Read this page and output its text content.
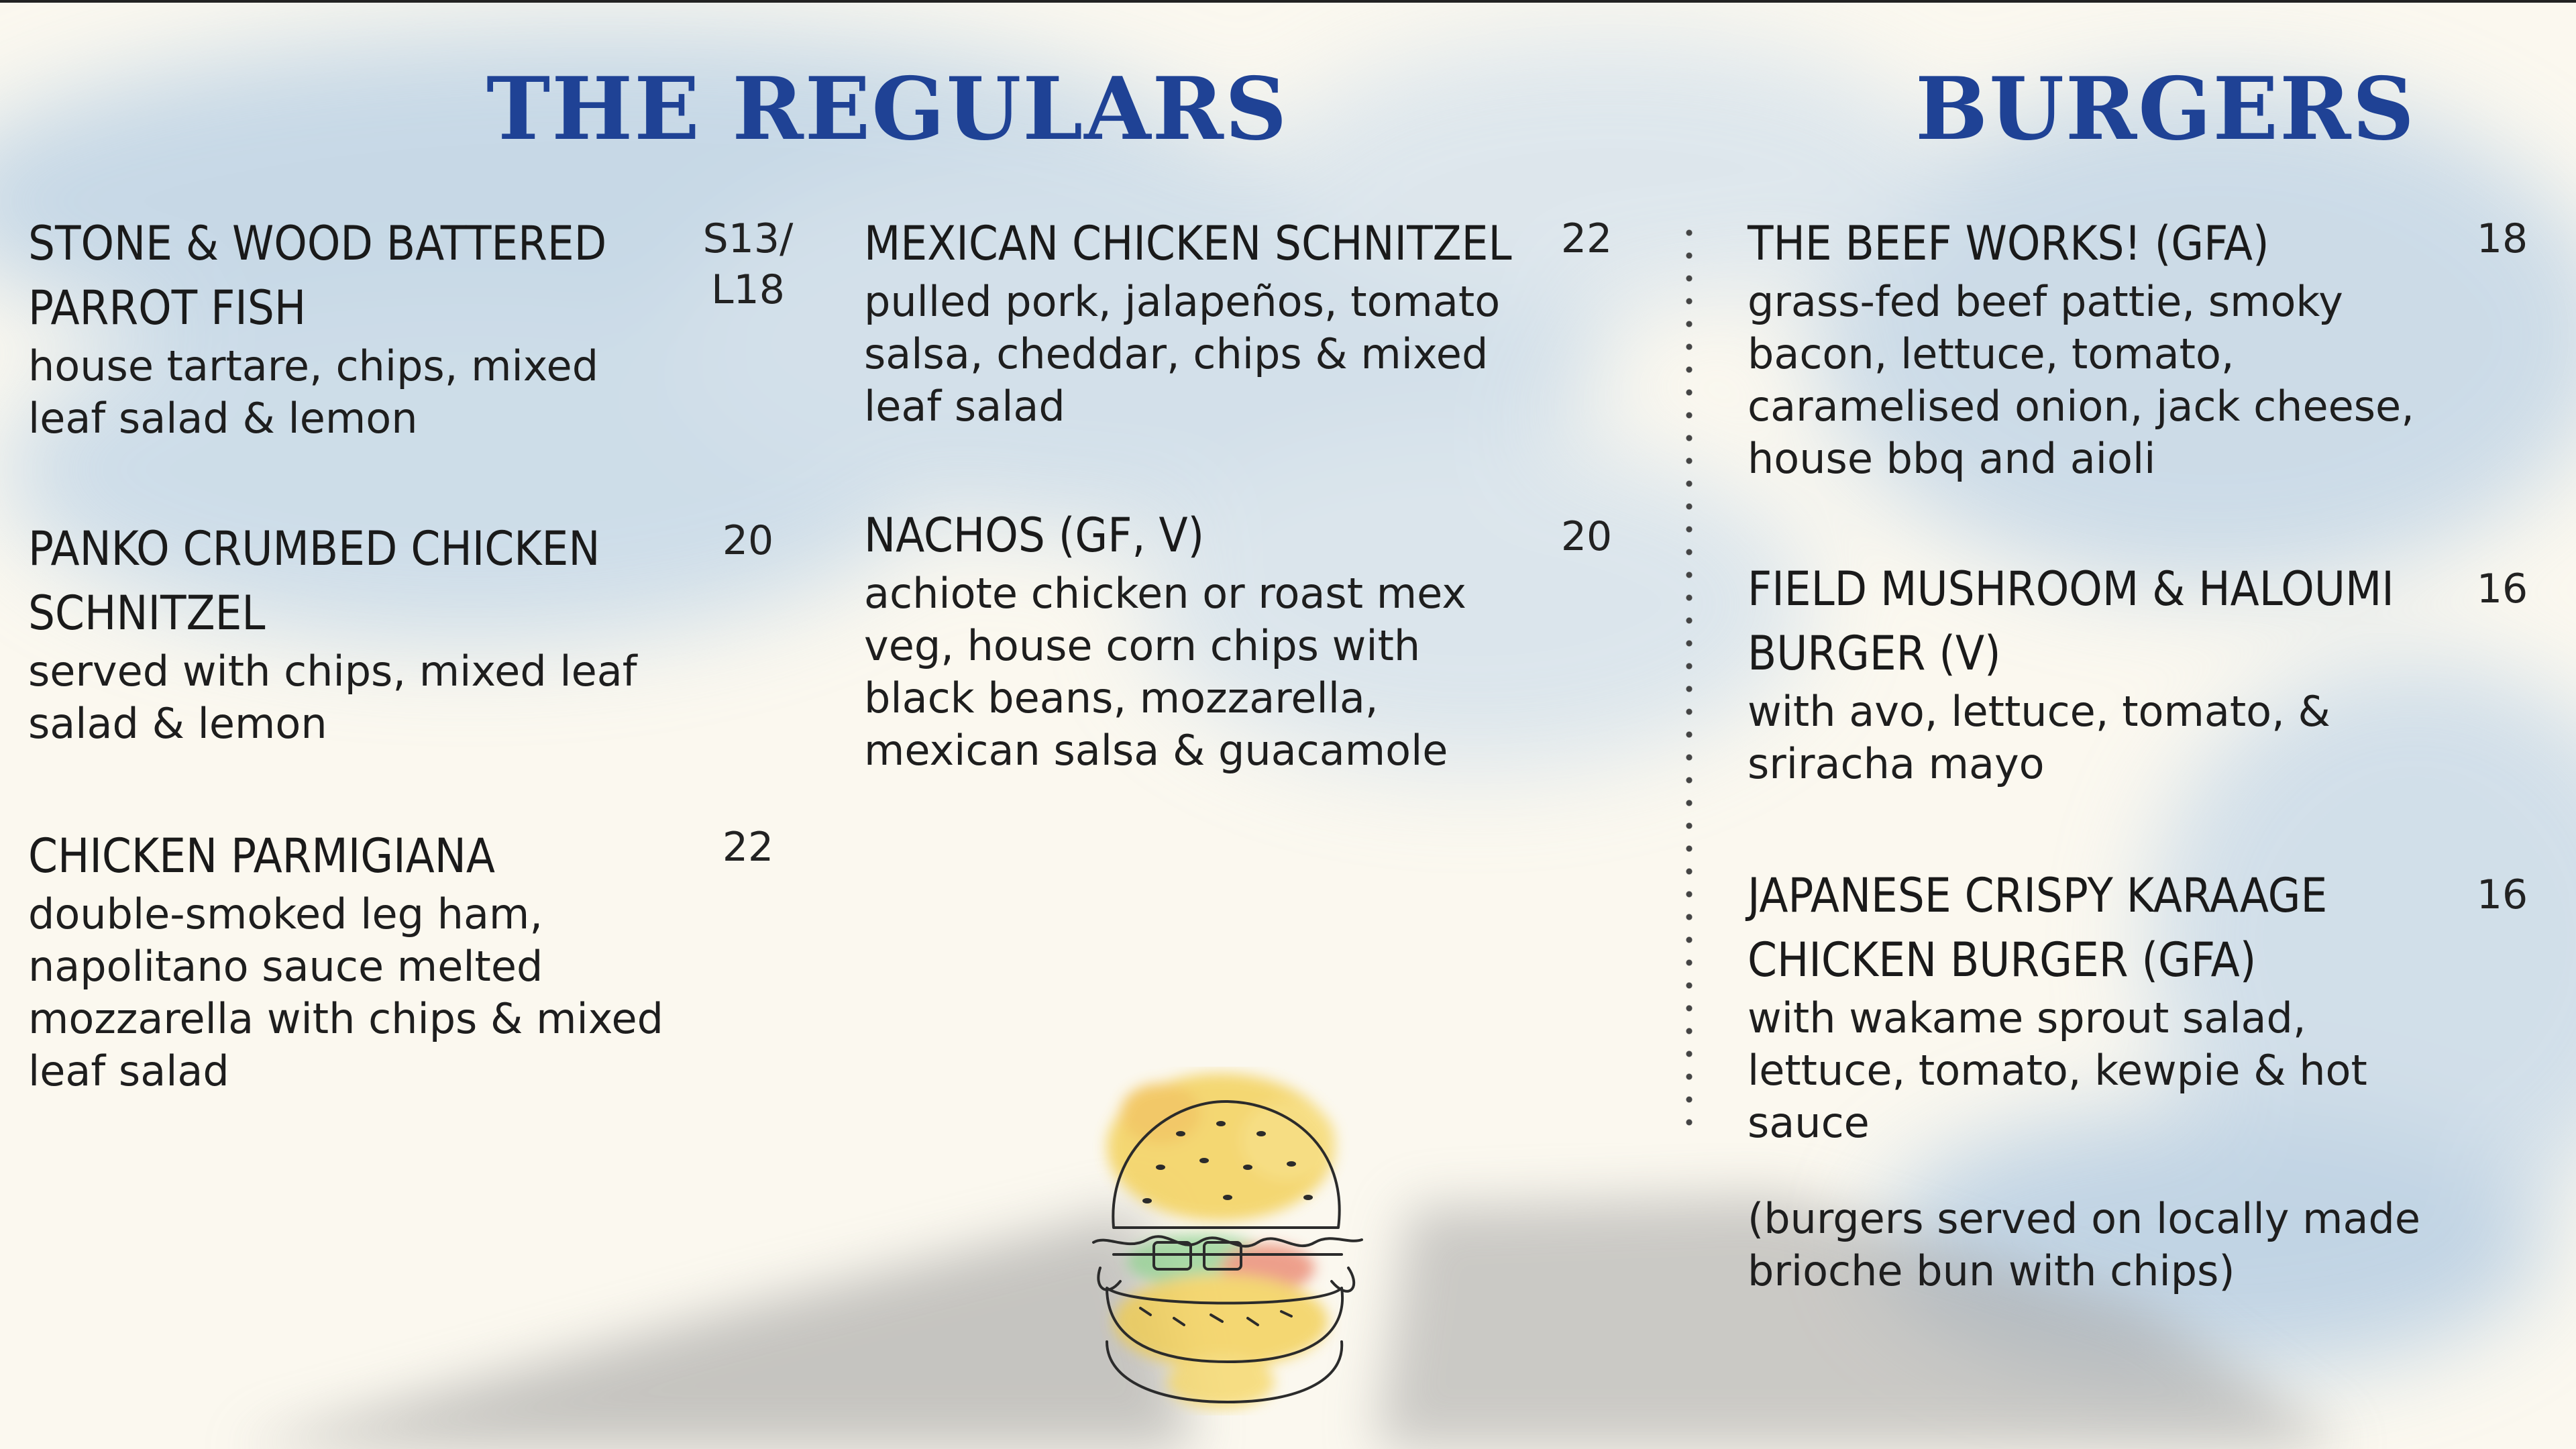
THE REGULARS	BURGERS

STONE & WOOD BATTERED
PARROT FISH

house tartare, chips, mixed
leaf salad & lemon

S13/
L18

PANKO CRUMBED CHICKEN
SCHNITZEL

served with chips, mixed leaf
salad & lemon

20

CHICKEN PARMIGIANA

double-smoked leg ham,
napolitano sauce melted
mozzarella with chips & mixed
leaf salad

22

MEXICAN CHICKEN SCHNITZEL

pulled pork, jalapeños, tomato
salsa, cheddar, chips & mixed
leaf salad

22

NACHOS (GF, V)

achiote chicken or roast mex
veg, house corn chips with
black beans, mozzarella,
mexican salsa & guacamole

20

THE BEEF WORKS! (GFA)

grass-fed beef pattie, smoky
bacon, lettuce, tomato,
caramelised onion, jack cheese,
house bbq and aioli

18

FIELD MUSHROOM & HALOUMI
BURGER (V)

with avo, lettuce, tomato, &
sriracha mayo

16

JAPANESE CRISPY KARAAGE
CHICKEN BURGER (GFA)

with wakame sprout salad,
lettuce, tomato, kewpie & hot
sauce

16
(burgers served on locally made
brioche bun with chips)
